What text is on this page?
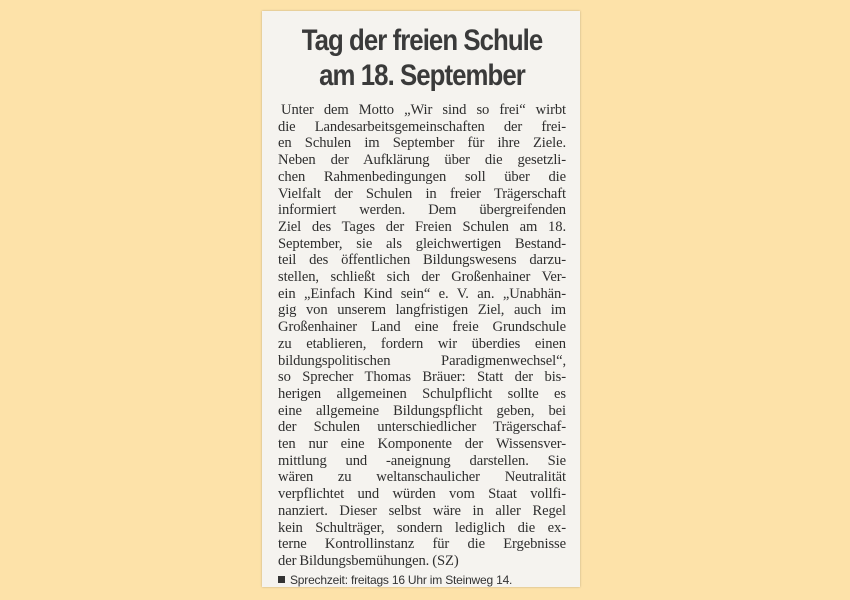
Tag der freien Schule
am 18. September
Unter dem Motto „Wir sind so frei“ wirbt
die Landesarbeitsgemeinschaften der frei-
en Schulen im September für ihre Ziele.
Neben der Aufklärung über die gesetzli-
chen Rahmenbedingungen soll über die
Vielfalt der Schulen in freier Trägerschaft
informiert werden. Dem übergreifenden
Ziel des Tages der Freien Schulen am 18.
September, sie als gleichwertigen Bestand-
teil des öffentlichen Bildungswesens darzu-
stellen, schließt sich der Großenhainer Ver-
ein „Einfach Kind sein“ e. V. an. „Unabhän-
gig von unserem langfristigen Ziel, auch im
Großenhainer Land eine freie Grundschule
zu etablieren, fordern wir überdies einen
bildungspolitischen Paradigmenwechsel“,
so Sprecher Thomas Bräuer: Statt der bis-
herigen allgemeinen Schulpflicht sollte es
eine allgemeine Bildungspflicht geben, bei
der Schulen unterschiedlicher Trägerschaf-
ten nur eine Komponente der Wissensver-
mittlung und -aneignung darstellen. Sie
wären zu weltanschaulicher Neutralität
verpflichtet und würden vom Staat vollfi-
nanziert. Dieser selbst wäre in aller Regel
kein Schulträger, sondern lediglich die ex-
terne Kontrollinstanz für die Ergebnisse
der Bildungsbemühungen. (SZ)
Sprechzeit: freitags 16 Uhr im Steinweg 14.
